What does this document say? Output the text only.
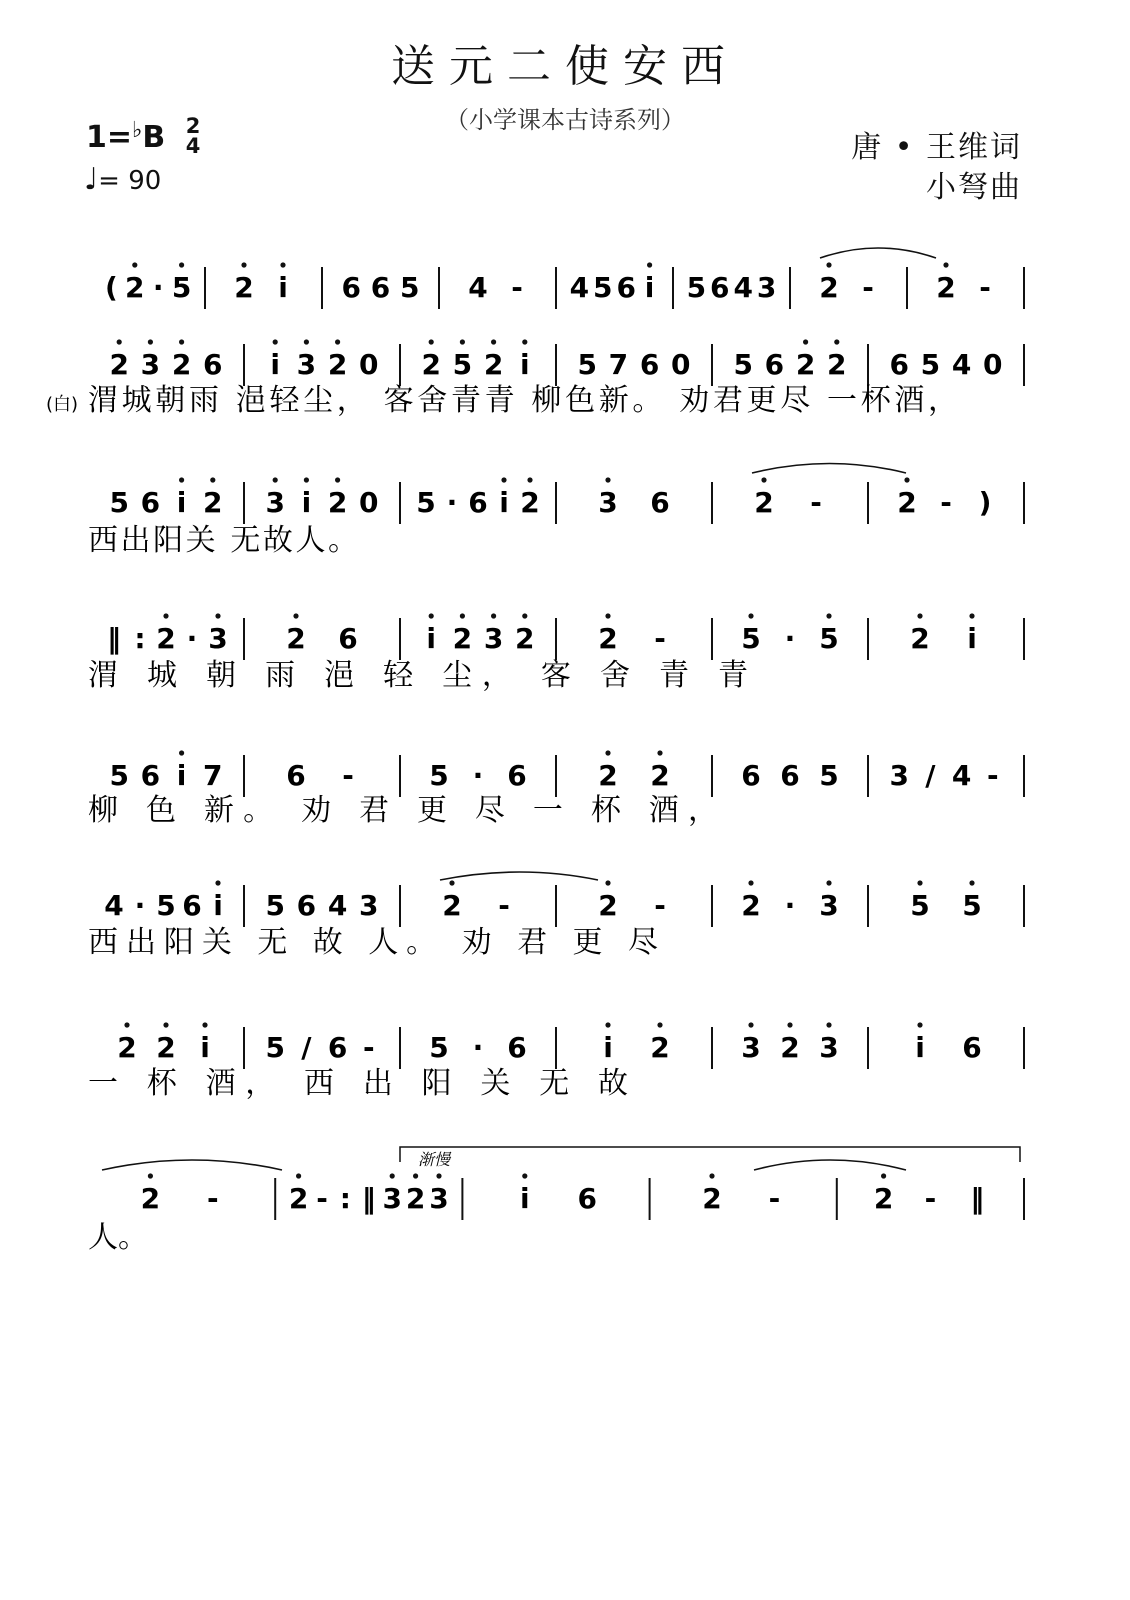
送元二使安西
（小学课本古诗系列）
1=♭B 2
4
♩= 90
唐 • 王维词
小弩曲
( 2 · 5 2 i 6 6 5 4 - 4 5 6 i 5 6 4 3 2 - 2 -
2 3 2 6 i 3 2 0 2 5 2 i 5 7 6 0 5 6 2 2 6 5 4 0
渭城朝雨 浥轻尘， 客舍青青 柳色新。 劝君更尽 一杯酒，
(白)
5 6 i 2 3 i 2 0 5 · 6 i 2 3 6	2 -	2 - )
西出阳关 无故人。
‖ : 2 · 3 2 6 i 2 3 2 2 -	5 · 5	2 i
渭 城 朝 雨 浥 轻 尘， 客 舍 青 青
5 6 i 7 6 -	5 · 6	2 2	6 6 5 3 / 4 -
柳 色 新。 劝 君 更 尽 一 杯 酒，
4 · 5 6 i 5 6 4 3 2 -	2 -	2 · 3	5 5
西出阳关 无 故 人。 劝 君 更 尽
2 2 i 5 / 6 - 5 · 6	i 2	3 2 3	i 6
一 杯 酒， 西 出 阳 关 无 故
2 -	2 - : ‖ 3 2 3	i 6	2 -	2 - ‖
人。
渐慢
